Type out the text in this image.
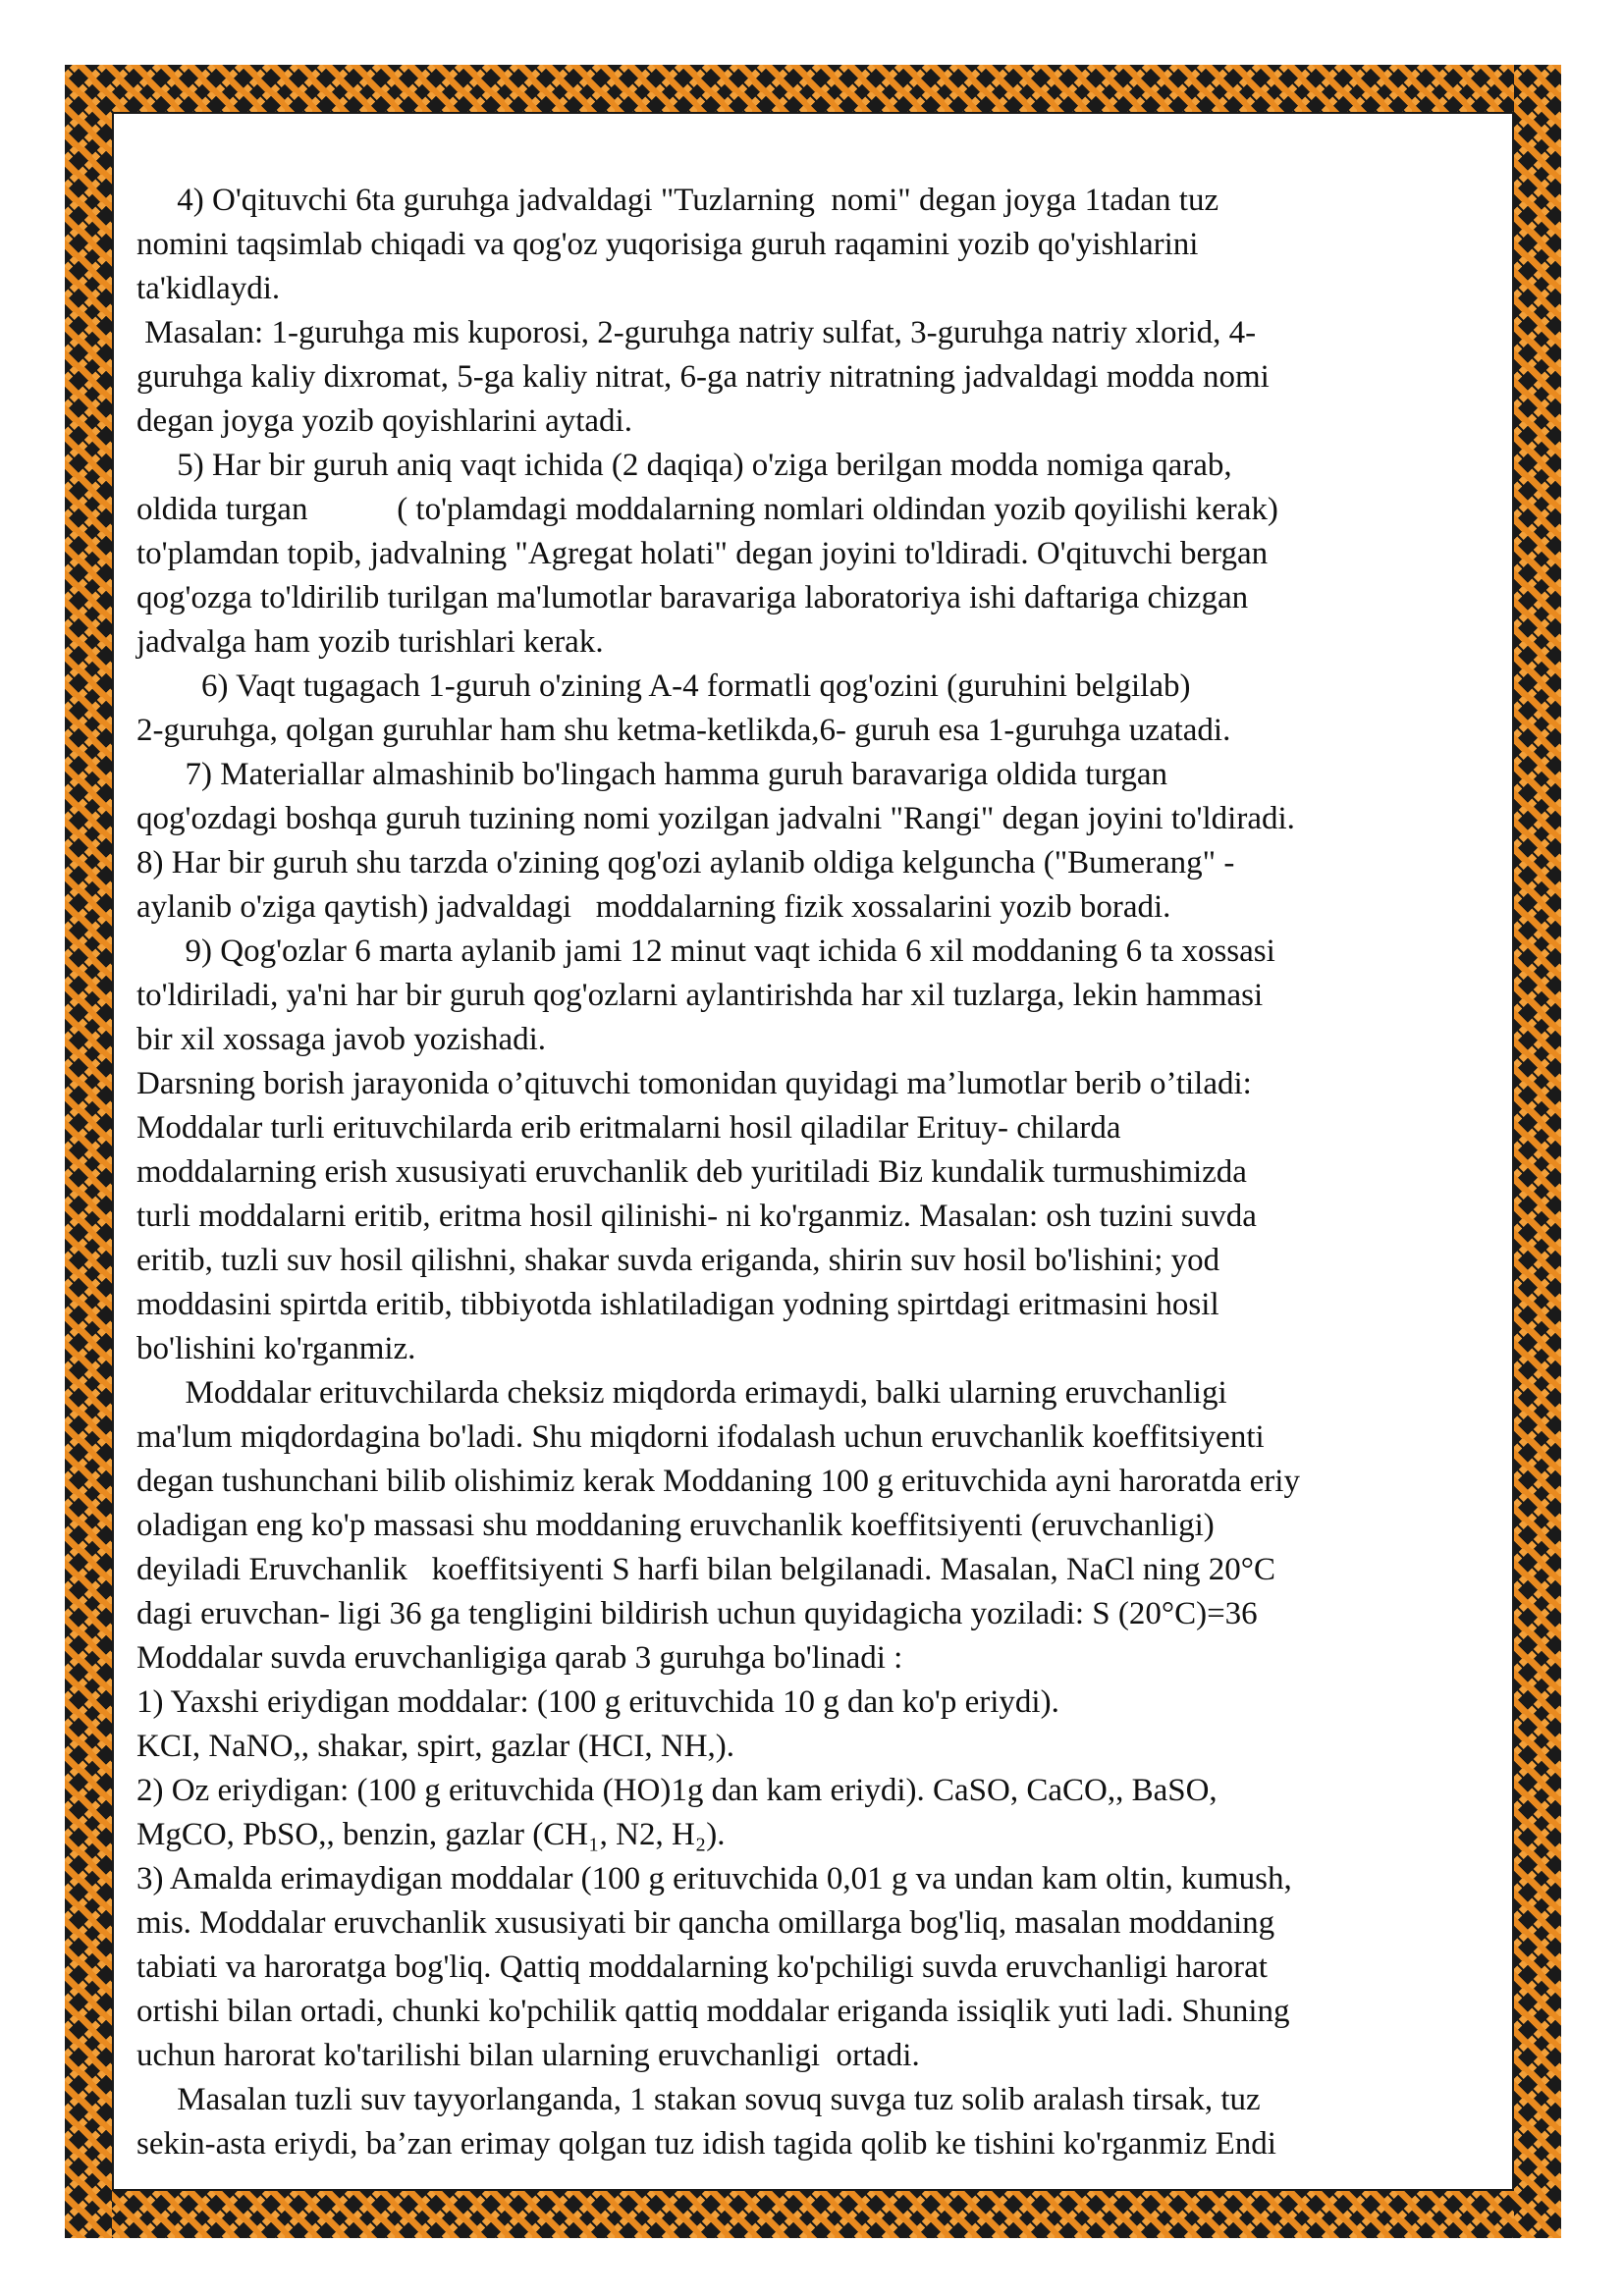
4) O'qituvchi 6ta guruhga jadvaldagi "Tuzlarning  nomi" degan joyga 1tadan tuz
nomini taqsimlab chiqadi va qog'oz yuqorisiga guruh raqamini yozib qo'yishlarini
ta'kidlaydi.
Masalan: 1-guruhga mis kuporosi, 2-guruhga natriy sulfat, 3-guruhga natriy xlorid, 4-
guruhga kaliy dixromat, 5-ga kaliy nitrat, 6-ga natriy nitratning jadvaldagi modda nomi
degan joyga yozib qoyishlarini aytadi.
5) Har bir guruh aniq vaqt ichida (2 daqiqa) o'ziga berilgan modda nomiga qarab,
oldida turgan           ( to'plamdagi moddalarning nomlari oldindan yozib qoyilishi kerak)
to'plamdan topib, jadvalning "Agregat holati" degan joyini to'ldiradi. O'qituvchi bergan
qog'ozga to'ldirilib turilgan ma'lumotlar baravariga laboratoriya ishi daftariga chizgan
jadvalga ham yozib turishlari kerak.
6) Vaqt tugagach 1-guruh o'zining A-4 formatli qog'ozini (guruhini belgilab)
2-guruhga, qolgan guruhlar ham shu ketma-ketlikda,6- guruh esa 1-guruhga uzatadi.
7) Materiallar almashinib bo'lingach hamma guruh baravariga oldida turgan
qog'ozdagi boshqa guruh tuzining nomi yozilgan jadvalni "Rangi" degan joyini to'ldiradi.
8) Har bir guruh shu tarzda o'zining qog'ozi aylanib oldiga kelguncha ("Bumerang" -
aylanib o'ziga qaytish) jadvaldagi   moddalarning fizik xossalarini yozib boradi.
9) Qog'ozlar 6 marta aylanib jami 12 minut vaqt ichida 6 xil moddaning 6 ta xossasi
to'ldiriladi, ya'ni har bir guruh qog'ozlarni aylantirishda har xil tuzlarga, lekin hammasi
bir xil xossaga javob yozishadi.
Darsning borish jarayonida o’qituvchi tomonidan quyidagi ma’lumotlar berib o’tiladi:
Moddalar turli erituvchilarda erib eritmalarni hosil qiladilar Erituy- chilarda
moddalarning erish xususiyati eruvchanlik deb yuritiladi Biz kundalik turmushimizda
turli moddalarni eritib, eritma hosil qilinishi- ni ko'rganmiz. Masalan: osh tuzini suvda
eritib, tuzli suv hosil qilishni, shakar suvda eriganda, shirin suv hosil bo'lishini; yod
moddasini spirtda eritib, tibbiyotda ishlatiladigan yodning spirtdagi eritmasini hosil
bo'lishini ko'rganmiz.
Moddalar erituvchilarda cheksiz miqdorda erimaydi, balki ularning eruvchanligi
ma'lum miqdordagina bo'ladi. Shu miqdorni ifodalash uchun eruvchanlik koeffitsiyenti
degan tushunchani bilib olishimiz kerak Moddaning 100 g erituvchida ayni haroratda eriy
oladigan eng ko'p massasi shu moddaning eruvchanlik koeffitsiyenti (eruvchanligi)
deyiladi Eruvchanlik   koeffitsiyenti S harfi bilan belgilanadi. Masalan, NaCl ning 20°C
dagi eruvchan- ligi 36 ga tengligini bildirish uchun quyidagicha yoziladi: S (20°C)=36
Moddalar suvda eruvchanligiga qarab 3 guruhga bo'linadi :
1) Yaxshi eriydigan moddalar: (100 g erituvchida 10 g dan ko'p eriydi).
KCI, NaNO,, shakar, spirt, gazlar (HCI, NH,).
2) Oz eriydigan: (100 g erituvchida (HO)1g dan kam eriydi). CaSO, CaCO,, BaSO,
MgCO, PbSO,, benzin, gazlar (CH₁, N2, H₂).
3) Amalda erimaydigan moddalar (100 g erituvchida 0,01 g va undan kam oltin, kumush,
mis. Moddalar eruvchanlik xususiyati bir qancha omillarga bog'liq, masalan moddaning
tabiati va haroratga bog'liq. Qattiq moddalarning ko'pchiligi suvda eruvchanligi harorat
ortishi bilan ortadi, chunki ko'pchilik qattiq moddalar eriganda issiqlik yuti ladi. Shuning
uchun harorat ko'tarilishi bilan ularning eruvchanligi  ortadi.
Masalan tuzli suv tayyorlanganda, 1 stakan sovuq suvga tuz solib aralash tirsak, tuz
sekin-asta eriydi, ba’zan erimay qolgan tuz idish tagida qolib ke tishini ko'rganmiz Endi
